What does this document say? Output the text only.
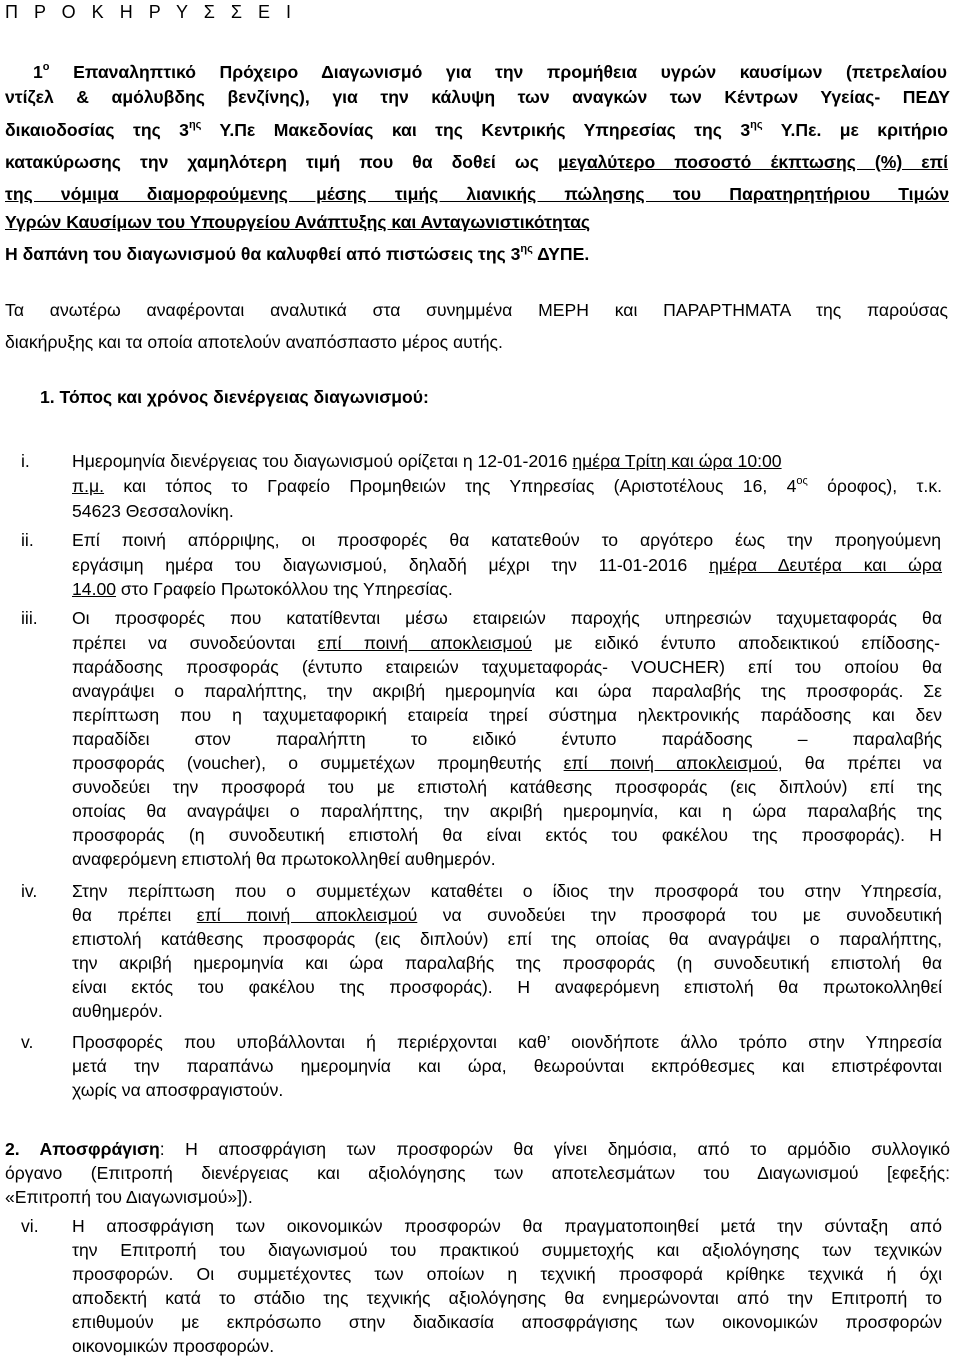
Π Ρ Ο Κ Η Ρ Υ Σ Σ Ε Ι
$1^o$ Επαναληπτικό Πρόχειρο Διαγωνισμό για την προμήθεια υγρών καυσίμων (πετρελαίου
ντίζελ & αμόλυβδης βενζίνης), για την κάλυψη των αναγκών των Κέντρων Υγείας- ΠΕΔΥ
δικαιοδοσίας της $3^{\eta\varsigma}$ Υ.Πε Μακεδονίας και της Κεντρικής Υπηρεσίας της $3^{\eta\varsigma}$ Υ.Πε. με κριτήριο
κατακύρωσης την χαμηλότερη τιμή που θα δοθεί ως μεγαλύτερο ποσοστό έκπτωσης (%) επί
της νόμιμα διαμορφούμενης μέσης τιμής λιανικής πώλησης του Παρατηρητήριου Τιμών
Υγρών Καυσίμων του Υπουργείου Ανάπτυξης και Ανταγωνιστικότητας
Η δαπάνη του διαγωνισμού θα καλυφθεί από πιστώσεις της $3^{\eta\varsigma}$ ΔΥΠΕ.
Τα ανωτέρω αναφέρονται αναλυτικά στα συνημμένα ΜΕΡΗ και ΠΑΡΑΡΤΗΜΑΤΑ της παρούσας
διακήρυξης και τα οποία αποτελούν αναπόσπαστο μέρος αυτής.
1. Τόπος και χρόνος διενέργειας διαγωνισμού:
i. Ημερομηνία διενέργειας του διαγωνισμού ορίζεται η 12-01-2016 ημέρα Τρίτη και ώρα 10:00
π.μ. και τόπος το Γραφείο Προμηθειών της Υπηρεσίας (Αριστοτέλους 16, $4^{o\varsigma}$ όροφος), τ.κ.
54623 Θεσσαλονίκη.
ii. Επί ποινή απόρριψης, οι προσφορές θα κατατεθούν το αργότερο έως την προηγούμενη
εργάσιμη ημέρα του διαγωνισμού, δηλαδή μέχρι την 11-01-2016 ημέρα Δευτέρα και ώρα
14.00 στο Γραφείο Πρωτοκόλλου της Υπηρεσίας.
iii. Οι προσφορές που κατατίθενται μέσω εταιρειών παροχής υπηρεσιών ταχυμεταφοράς θα
πρέπει να συνοδεύονται επί ποινή αποκλεισμού με ειδικό έντυπο αποδεικτικού επίδοσης-
παράδοσης προσφοράς (έντυπο εταιρειών ταχυμεταφοράς- VOUCHER) επί του οποίου θα
αναγράψει ο παραλήπτης, την ακριβή ημερομηνία και ώρα παραλαβής της προσφοράς. Σε
περίπτωση που η ταχυμεταφορική εταιρεία τηρεί σύστημα ηλεκτρονικής παράδοσης και δεν
παραδίδει στον παραλήπτη το ειδικό έντυπο παράδοσης – παραλαβής
προσφοράς (voucher), ο συμμετέχων προμηθευτής επί ποινή αποκλεισμού, θα πρέπει να
συνοδεύει την προσφορά του με επιστολή κατάθεσης προσφοράς (εις διπλούν) επί της
οποίας θα αναγράψει ο παραλήπτης, την ακριβή ημερομηνία, και η ώρα παραλαβής της
προσφοράς (η συνοδευτική επιστολή θα είναι εκτός του φακέλου της προσφοράς). Η
αναφερόμενη επιστολή θα πρωτοκολληθεί αυθημερόν.
iv. Στην περίπτωση που ο συμμετέχων καταθέτει ο ίδιος την προσφορά του στην Υπηρεσία,
θα πρέπει επί ποινή αποκλεισμού να συνοδεύει την προσφορά του με συνοδευτική
επιστολή κατάθεσης προσφοράς (εις διπλούν) επί της οποίας θα αναγράψει ο παραλήπτης,
την ακριβή ημερομηνία και ώρα παραλαβής της προσφοράς (η συνοδευτική επιστολή θα
είναι εκτός του φακέλου της προσφοράς). Η αναφερόμενη επιστολή θα πρωτοκολληθεί
αυθημερόν.
v. Προσφορές που υποβάλλονται ή περιέρχονται καθ’ οιονδήποτε άλλο τρόπο στην Υπηρεσία
μετά την παραπάνω ημερομηνία και ώρα, θεωρούνται εκπρόθεσμες και επιστρέφονται
χωρίς να αποσφραγιστούν.
2. Αποσφράγιση: Η αποσφράγιση των προσφορών θα γίνει δημόσια, από το αρμόδιο συλλογικό
όργανο (Επιτροπή διενέργειας και αξιολόγησης των αποτελεσμάτων του Διαγωνισμού [εφεξής:
«Επιτροπή του Διαγωνισμού»]).
vi. Η αποσφράγιση των οικονομικών προσφορών θα πραγματοποιηθεί μετά την σύνταξη από
την Επιτροπή του διαγωνισμού του πρακτικού συμμετοχής και αξιολόγησης των τεχνικών
προσφορών. Οι συμμετέχοντες των οποίων η τεχνική προσφορά κρίθηκε τεχνικά ή όχι
αποδεκτή κατά το στάδιο της τεχνικής αξιολόγησης θα ενημερώνονται από την Επιτροπή το
επιθυμούν με εκπρόσωπο στην διαδικασία αποσφράγισης των οικονομικών προσφορών
οικονομικών προσφορών.
